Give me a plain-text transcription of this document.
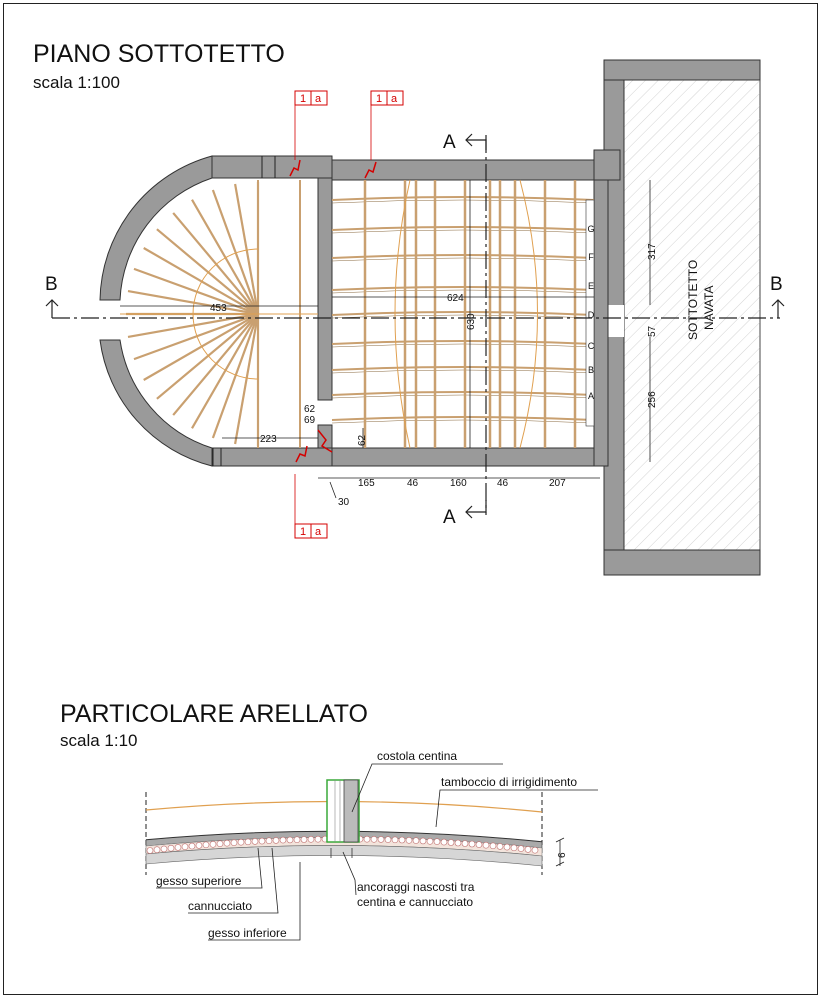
PIANO SOTTOTETTO
scala 1:100
SOTTOTETTO NAVATA
G
F
E
D
C
B
A
A
A
B	B
453
624
630
223
62
69
62
165	46	160	46	207
30
317
57
256
1 a	1 a
1 a
PARTICOLARE ARELLATO
scala 1:10
6
costola centina
tamboccio di irrigidimento
gesso superiore
cannucciato
gesso inferiore
ancoraggi nascosti tra
centina e cannucciato
